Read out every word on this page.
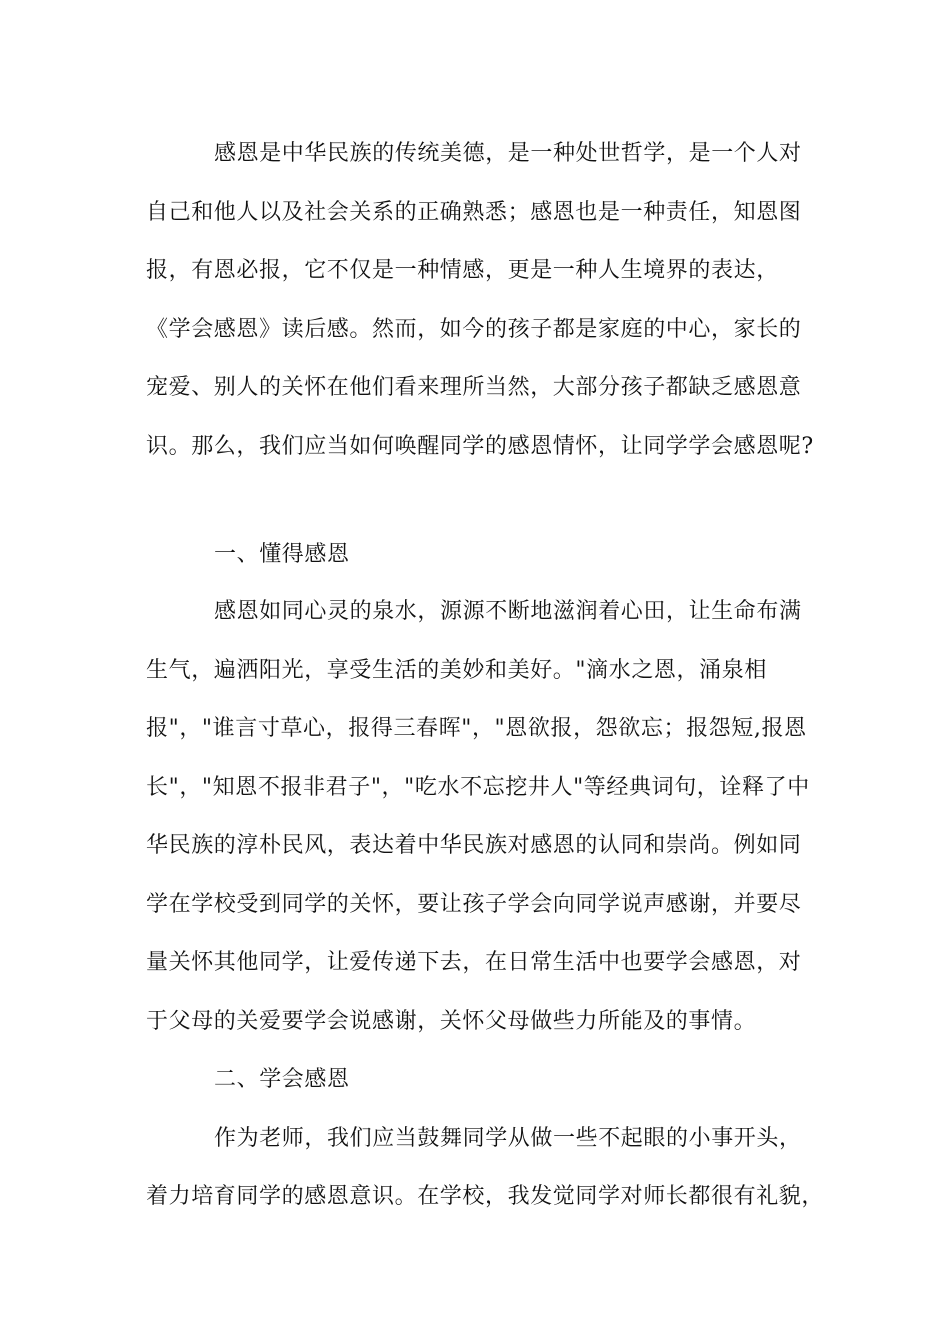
感恩是中华民族的传统美德，是一种处世哲学，是一个人对
自己和他人以及社会关系的正确熟悉；感恩也是一种责任，知恩图
报，有恩必报，它不仅是一种情感，更是一种人生境界的表达，
《学会感恩》读后感。然而，如今的孩子都是家庭的中心，家长的
宠爱、别人的关怀在他们看来理所当然，大部分孩子都缺乏感恩意
识。那么，我们应当如何唤醒同学的感恩情怀，让同学学会感恩呢?
一、懂得感恩
感恩如同心灵的泉水，源源不断地滋润着心田，让生命布满
生气，遍洒阳光，享受生活的美妙和美好。"滴水之恩，涌泉相
报"，"谁言寸草心，报得三春晖"，"恩欲报，怨欲忘；报怨短,报恩
长"，"知恩不报非君子"，"吃水不忘挖井人"等经典词句，诠释了中
华民族的淳朴民风，表达着中华民族对感恩的认同和崇尚。例如同
学在学校受到同学的关怀，要让孩子学会向同学说声感谢，并要尽
量关怀其他同学，让爱传递下去，在日常生活中也要学会感恩，对
于父母的关爱要学会说感谢，关怀父母做些力所能及的事情。
二、学会感恩
作为老师，我们应当鼓舞同学从做一些不起眼的小事开头，
着力培育同学的感恩意识。在学校，我发觉同学对师长都很有礼貌，
